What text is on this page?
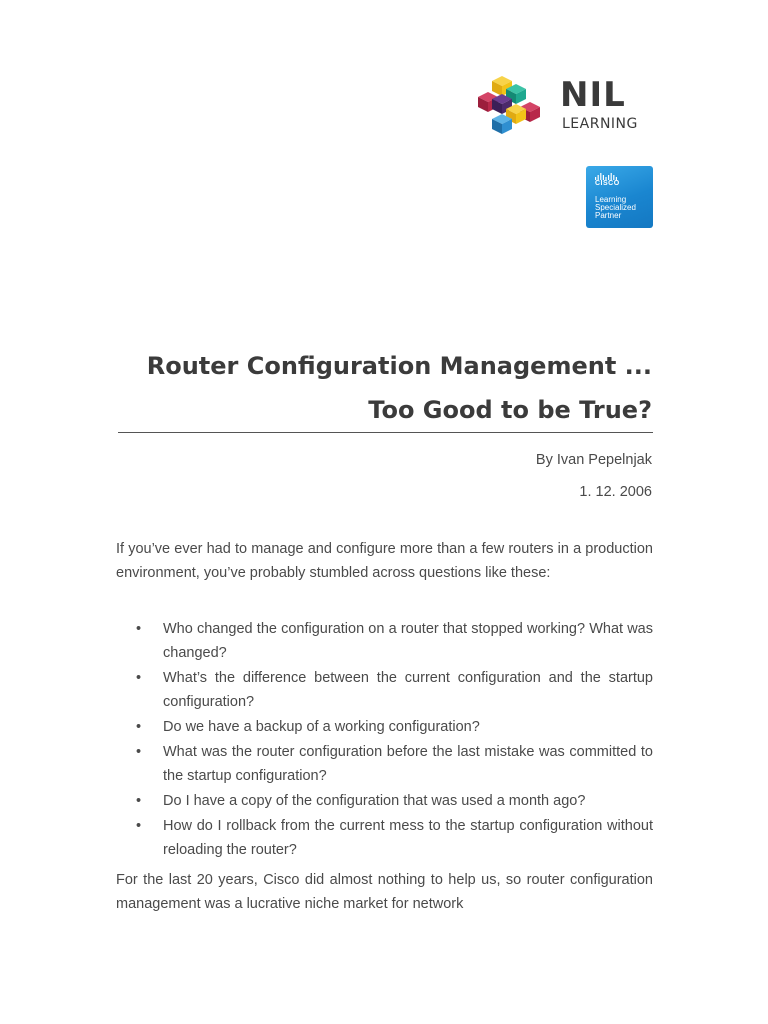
NIL
LEARNING
CISCO
Learning
Specialized
Partner
Router Configuration Management ...
Too Good to be True?
By Ivan Pepelnjak
1. 12. 2006

If you’ve ever had to manage and configure more than a few routers in a production environment, you’ve probably stumbled across questions like these:

• Who changed the configuration on a router that stopped working? What was changed?
• What’s the difference between the current configuration and the startup configuration?
• Do we have a backup of a working configuration?
• What was the router configuration before the last mistake was committed to the startup configuration?
• Do I have a copy of the configuration that was used a month ago?
• How do I rollback from the current mess to the startup configuration without reloading the router?

For the last 20 years, Cisco did almost nothing to help us, so router configuration management was a lucrative niche market for network
